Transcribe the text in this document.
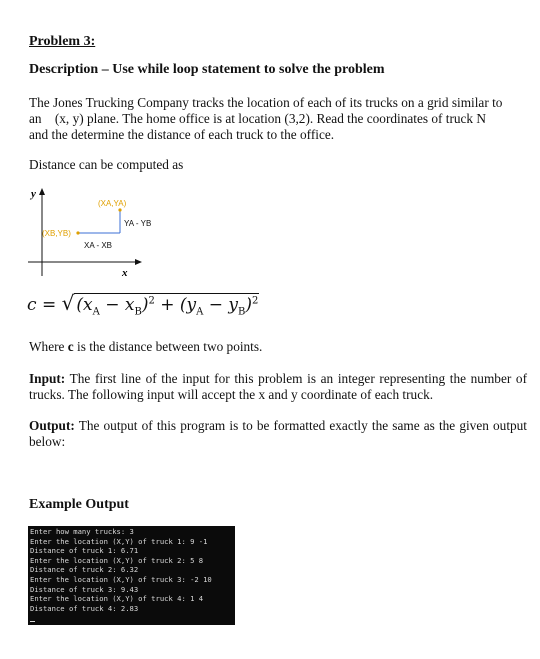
Problem 3:
Description – Use while loop statement to solve the problem
The Jones Trucking Company tracks the location of each of its trucks on a grid similar to
an (x, y) plane. The home office is at location (3,2). Read the coordinates of truck N
and the determine the distance of each truck to the office.
Distance can be computed as
y
x
(XA,YA)
(XB,YB)
YA - YB
XA - XB
c = √ $(x_A - x_B)^2 + (y_A - y_B)^2$
Where c is the distance between two points.
Input: The first line of the input for this problem is an integer representing the number of trucks. The following input will accept the x and y coordinate of each truck.
Output: The output of this program is to be formatted exactly the same as the given output below:
Example Output
Enter how many trucks: 3
Enter the location (X,Y) of truck 1: 9 -1
Distance of truck 1: 6.71
Enter the location (X,Y) of truck 2: 5 8
Distance of truck 2: 6.32
Enter the location (X,Y) of truck 3: -2 10
Distance of truck 3: 9.43
Enter the location (X,Y) of truck 4: 1 4
Distance of truck 4: 2.83
